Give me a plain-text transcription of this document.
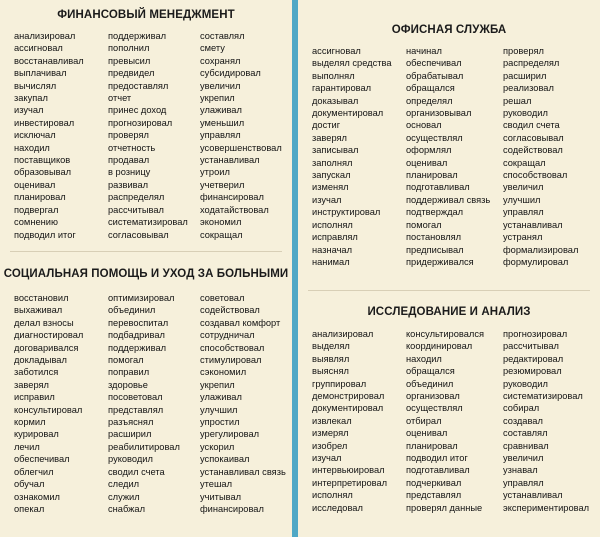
ФИНАНСОВЫЙ МЕНЕДЖМЕНТ
анализировал
ассигновал
восстанавливал
выплачивал
вычислял
закупал
изучал
инвестировал
исключал
находил
поставщиков
образовывал
оценивал
планировал
подвергал
сомнению
подводил итог
поддерживал
пополнил
превысил
предвидел
предоставлял
отчет
принес доход
прогнозировал
проверял
отчетность
продавал
в розницу
развивал
распределял
рассчитывал
систематизировал
согласовывал
составлял
смету
сохранял
субсидировал
увеличил
укрепил
улаживал
уменьшил
управлял
усовершенствовал
устанавливал
утроил
учетверил
финансировал
ходатайствовал
экономил
сокращал
СОЦИАЛЬНАЯ ПОМОЩЬ И УХОД ЗА БОЛЬНЫМИ
восстановил
выхаживал
делал взносы
диагностировал
договаривался
докладывал
заботился
заверял
исправил
консультировал
кормил
курировал
лечил
обеспечивал
облегчил
обучал
ознакомил
опекал
оптимизировал
объединил
перевоспитал
подбадривал
поддерживал
помогал
поправил
здоровье
посоветовал
представлял
разъяснял
расширил
реабилитировал
руководил
сводил счета
следил
служил
снабжал
советовал
содействовал
создавал комфорт
сотрудничал
способствовал
стимулировал
сэкономил
укрепил
улаживал
улучшил
упростил
урегулировал
ускорил
успокаивал
устанавливал связь
утешал
учитывал
финансировал
ОФИСНАЯ СЛУЖБА
ассигновал
выделял средства
выполнял
гарантировал
доказывал
документировал
достиг
заверял
записывал
заполнял
запускал
изменял
изучал
инструктировал
исполнял
исправлял
назначал
нанимал
начинал
обеспечивал
обрабатывал
обращался
определял
организовывал
основал
осуществлял
оформлял
оценивал
планировал
подготавливал
поддерживал связь
подтверждал
помогал
постановлял
предписывал
придерживался
проверял
распределял
расширил
реализовал
решал
руководил
сводил счета
согласовывал
содействовал
сокращал
способствовал
увеличил
улучшил
управлял
устанавливал
устранял
формализировал
формулировал
ИССЛЕДОВАНИЕ И АНАЛИЗ
анализировал
выделял
выявлял
выяснял
группировал
демонстрировал
документировал
извлекал
измерял
изобрел
изучал
интервьюировал
интерпретировал
исполнял
исследовал
консультировался
координировал
находил
обращался
объединил
организовал
осуществлял
отбирал
оценивал
планировал
подводил итог
подготавливал
подчеркивал
представлял
проверял данные
прогнозировал
рассчитывал
редактировал
резюмировал
руководил
систематизировал
собирал
создавал
составлял
сравнивал
увеличил
узнавал
управлял
устанавливал
экспериментировал
